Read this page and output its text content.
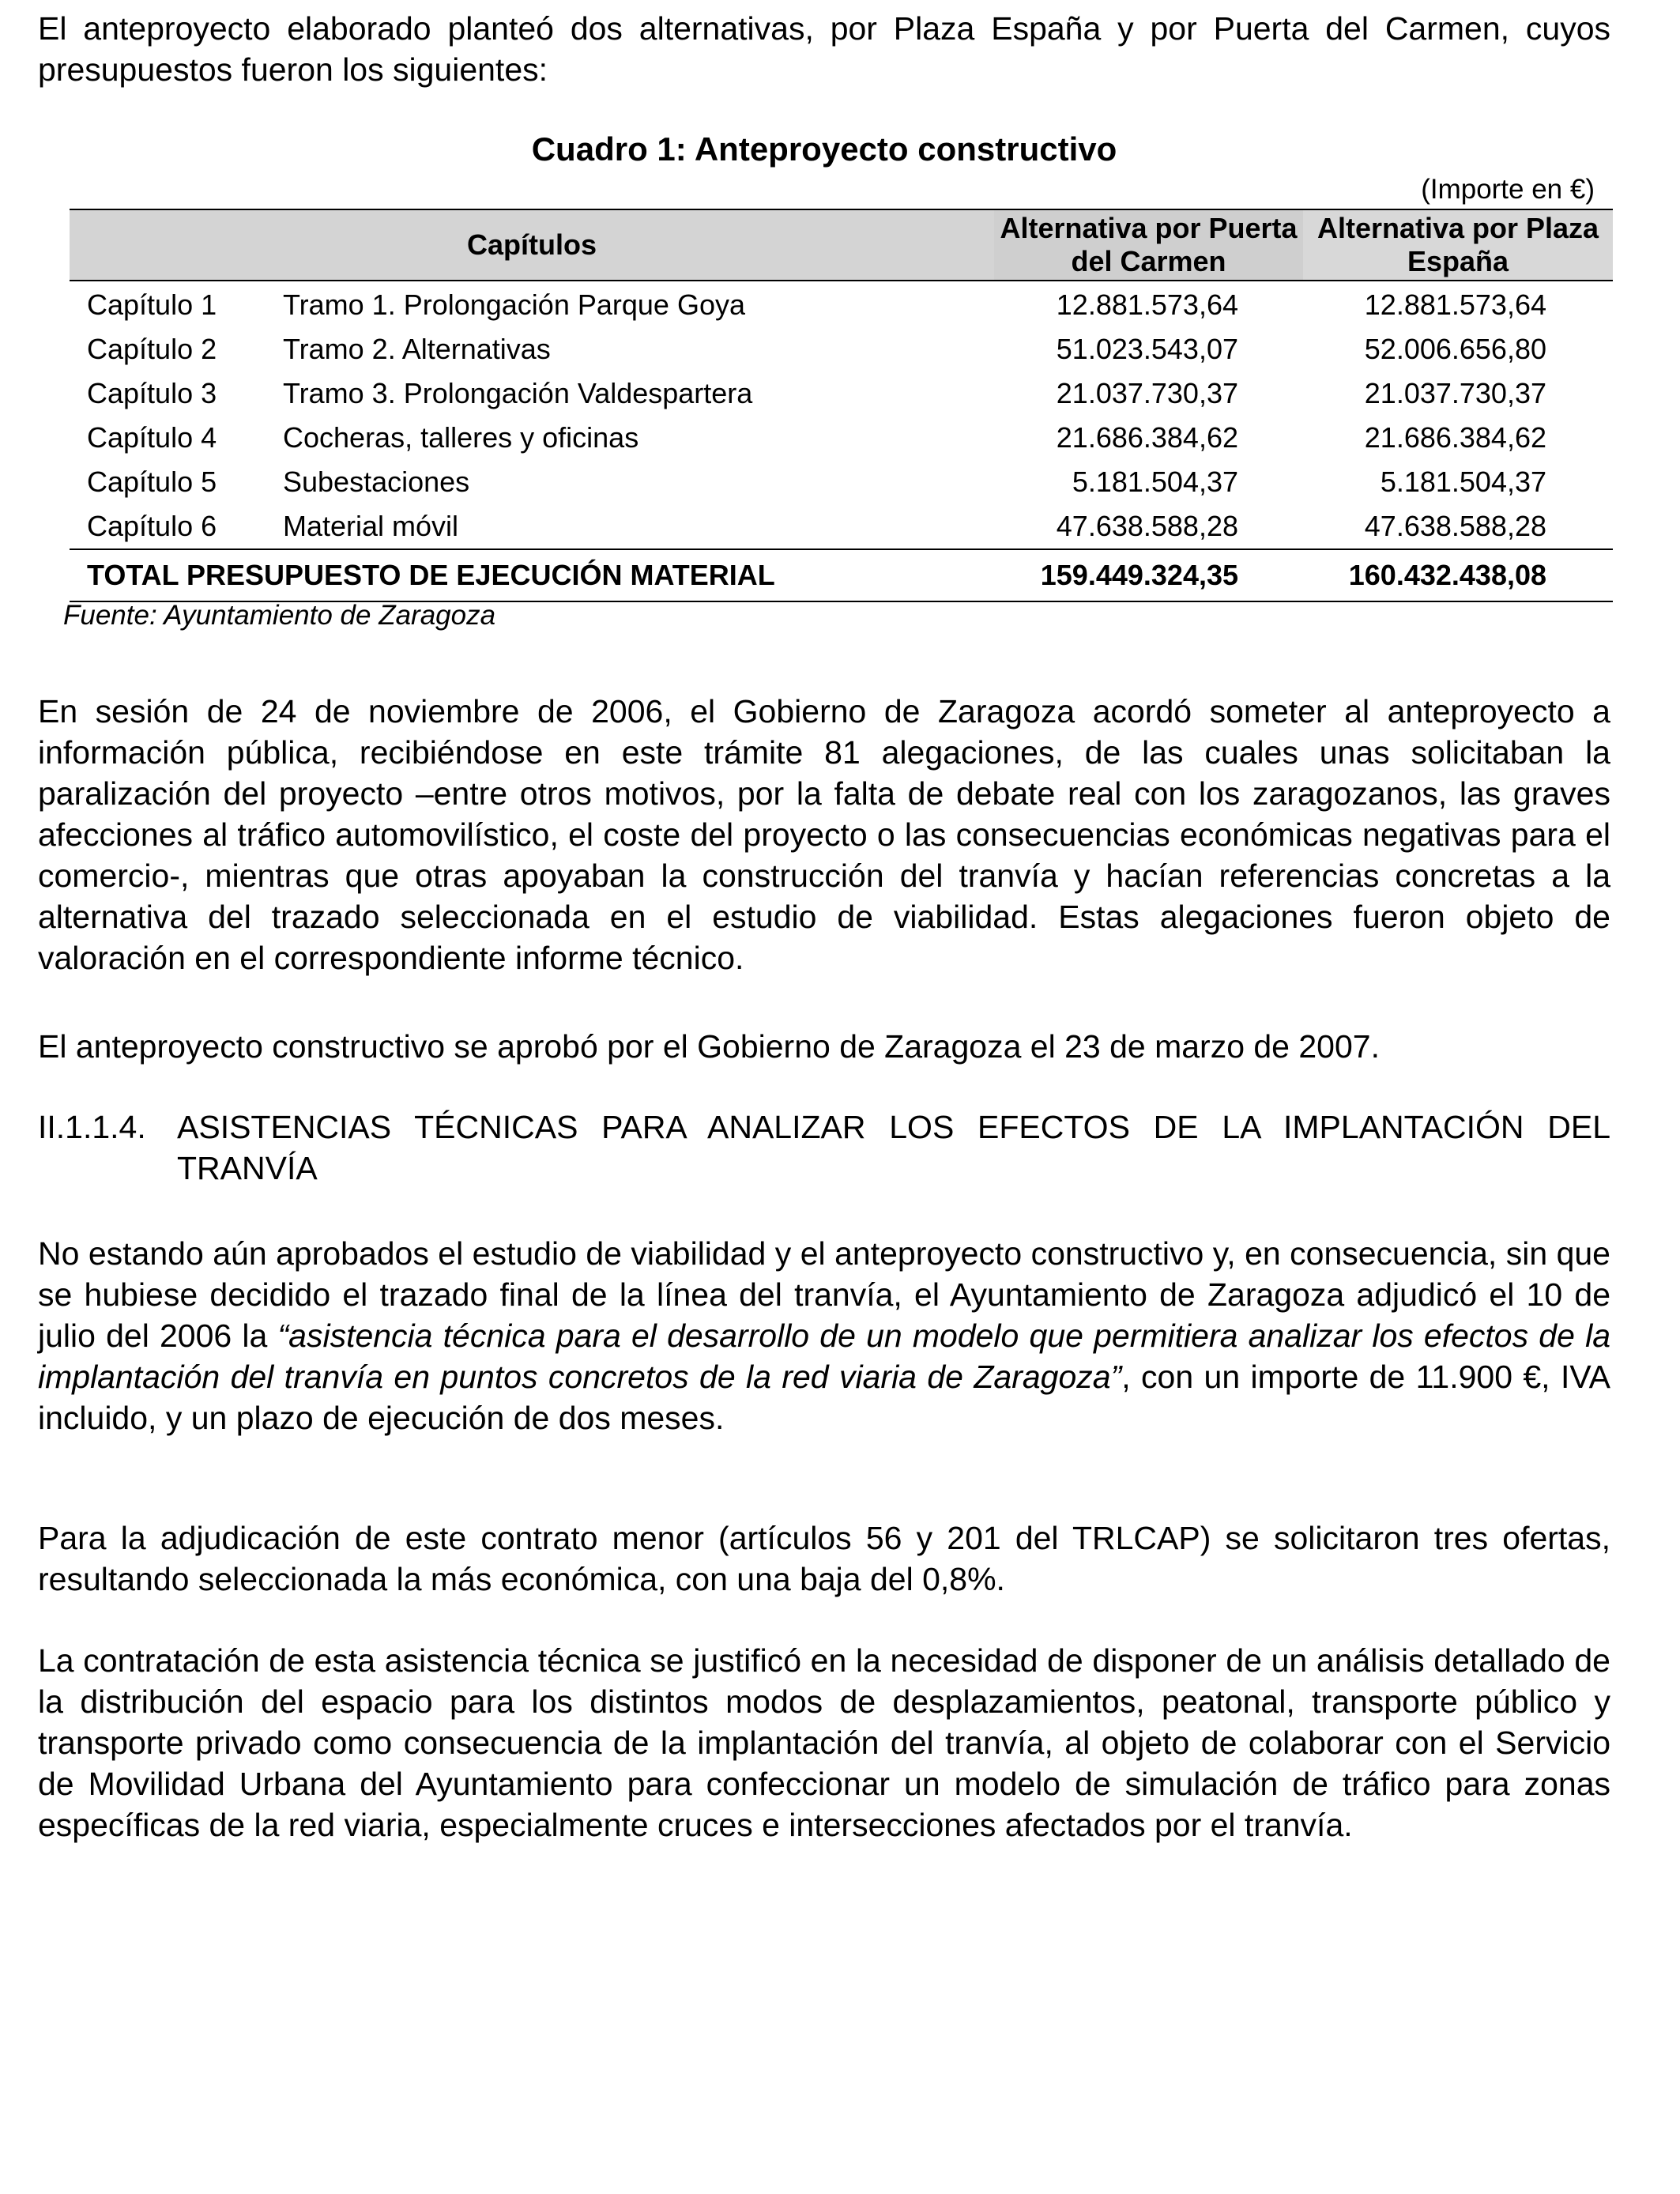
El anteproyecto elaborado planteó dos alternativas, por Plaza España y por Puerta del Carmen, cuyos presupuestos fueron los siguientes:

Cuadro 1: Anteproyecto constructivo
(Importe en €)
Capítulos		Alternativa por Puerta del Carmen	Alternativa por Plaza España
Capítulo 1	Tramo 1. Prolongación Parque Goya	12.881.573,64	12.881.573,64
Capítulo 2	Tramo 2. Alternativas	51.023.543,07	52.006.656,80
Capítulo 3	Tramo 3. Prolongación Valdespartera	21.037.730,37	21.037.730,37
Capítulo 4	Cocheras, talleres y oficinas	21.686.384,62	21.686.384,62
Capítulo 5	Subestaciones	5.181.504,37	5.181.504,37
Capítulo 6	Material móvil	47.638.588,28	47.638.588,28
TOTAL PRESUPUESTO DE EJECUCIÓN MATERIAL		159.449.324,35	160.432.438,08
Fuente: Ayuntamiento de Zaragoza

En sesión de 24 de noviembre de 2006, el Gobierno de Zaragoza acordó someter al anteproyecto a información pública, recibiéndose en este trámite 81 alegaciones, de las cuales unas solicitaban la paralización del proyecto –entre otros motivos, por la falta de debate real con los zaragozanos, las graves afecciones al tráfico automovilístico, el coste del proyecto o las consecuencias económicas negativas para el comercio-, mientras que otras apoyaban la construcción del tranvía y hacían referencias concretas a la alternativa del trazado seleccionada en el estudio de viabilidad. Estas alegaciones fueron objeto de valoración en el correspondiente informe técnico.

El anteproyecto constructivo se aprobó por el Gobierno de Zaragoza el 23 de marzo de 2007.

II.1.1.4. ASISTENCIAS TÉCNICAS PARA ANALIZAR LOS EFECTOS DE LA IMPLANTACIÓN DEL TRANVÍA

No estando aún aprobados el estudio de viabilidad y el anteproyecto constructivo y, en consecuencia, sin que se hubiese decidido el trazado final de la línea del tranvía, el Ayuntamiento de Zaragoza adjudicó el 10 de julio del 2006 la “asistencia técnica para el desarrollo de un modelo que permitiera analizar los efectos de la implantación del tranvía en puntos concretos de la red viaria de Zaragoza”, con un importe de 11.900 €, IVA incluido, y un plazo de ejecución de dos meses.

Para la adjudicación de este contrato menor (artículos 56 y 201 del TRLCAP) se solicitaron tres ofertas, resultando seleccionada la más económica, con una baja del 0,8%.

La contratación de esta asistencia técnica se justificó en la necesidad de disponer de un análisis detallado de la distribución del espacio para los distintos modos de desplazamientos, peatonal, transporte público y transporte privado como consecuencia de la implantación del tranvía, al objeto de colaborar con el Servicio de Movilidad Urbana del Ayuntamiento para confeccionar un modelo de simulación de tráfico para zonas específicas de la red viaria, especialmente cruces e intersecciones afectados por el tranvía.
